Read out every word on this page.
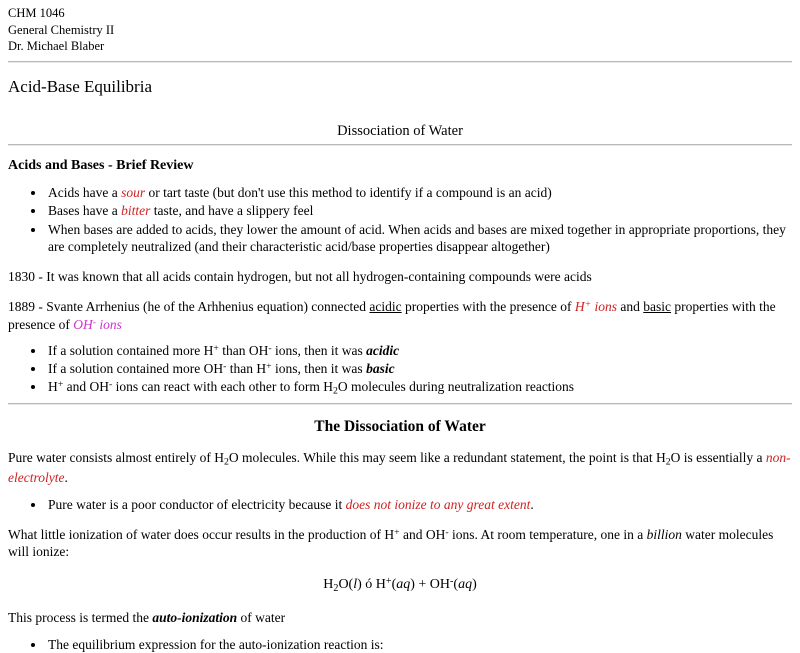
CHM 1046
General Chemistry II
Dr. Michael Blaber
Acid-Base Equilibria
Dissociation of Water
Acids and Bases - Brief Review
• Acids have a sour or tart taste (but don't use this method to identify if a compound is an acid)
• Bases have a bitter taste, and have a slippery feel
• When bases are added to acids, they lower the amount of acid. When acids and bases are mixed together in appropriate proportions, they are completely neutralized (and their characteristic acid/base properties disappear altogether)

1830 - It was known that all acids contain hydrogen, but not all hydrogen-containing compounds were acids

1889 - Svante Arrhenius (he of the Arhhenius equation) connected acidic properties with the presence of H+ ions and basic properties with the presence of OH- ions

• If a solution contained more H+ than OH- ions, then it was acidic
• If a solution contained more OH- than H+ ions, then it was basic
• H+ and OH- ions can react with each other to form $H_2O$ molecules during neutralization reactions
The Dissociation of Water

Pure water consists almost entirely of $H_2O$ molecules. While this may seem like a redundant statement, the point is that $H_2O$ is essentially a non-electrolyte.

• Pure water is a poor conductor of electricity because it does not ionize to any great extent.

What little ionization of water does occur results in the production of H+ and OH- ions. At room temperature, one in a billion water molecules will ionize:

$H_2O(l)$ ó H+(aq) + OH-(aq)

This process is termed the auto-ionization of water

• The equilibrium expression for the auto-ionization reaction is:
